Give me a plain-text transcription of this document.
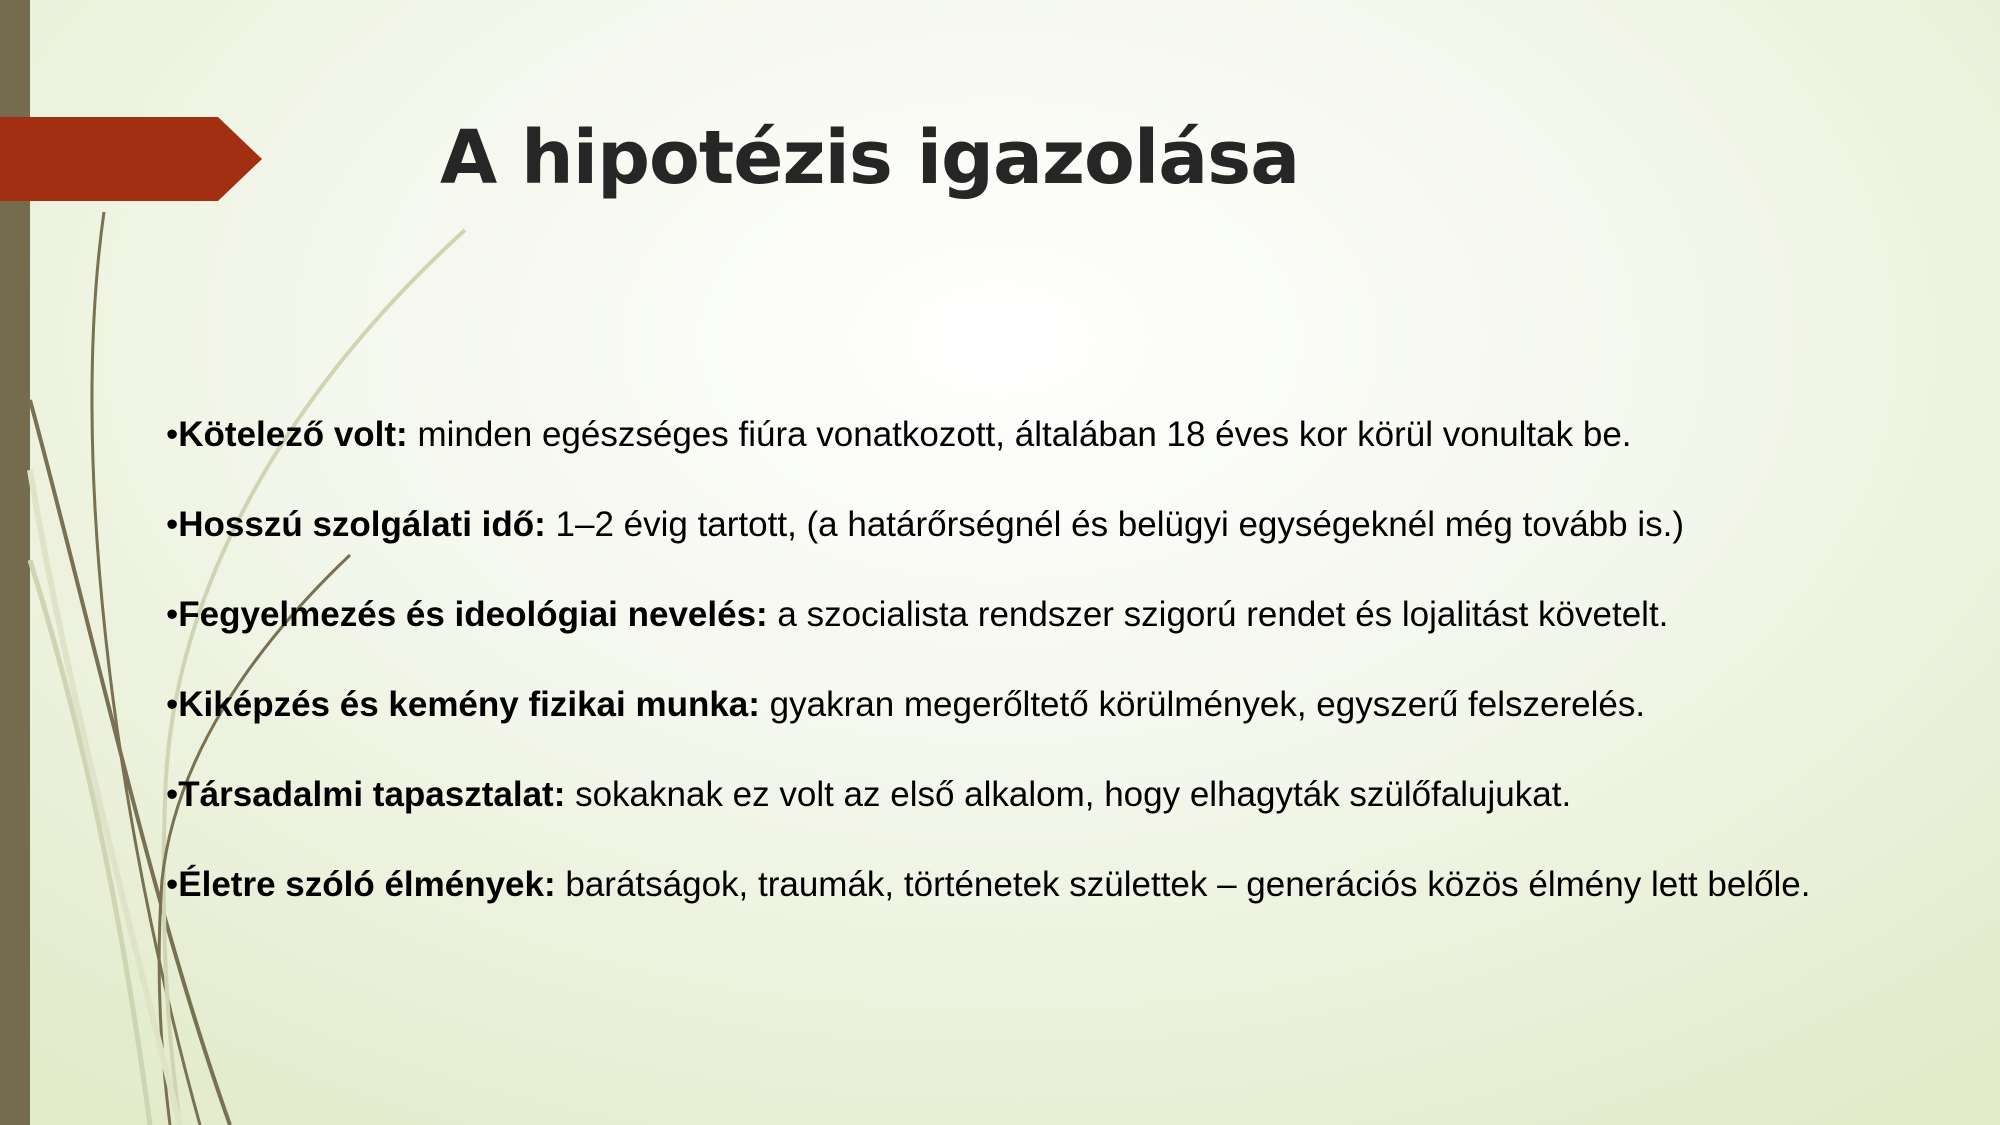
A hipotézis igazolása
•Kötelező volt: minden egészséges fiúra vonatkozott, általában 18 éves kor körül vonultak be.
•Hosszú szolgálati idő: 1–2 évig tartott, (a határőrségnél és belügyi egységeknél még tovább is.)
•Fegyelmezés és ideológiai nevelés: a szocialista rendszer szigorú rendet és lojalitást követelt.
•Kiképzés és kemény fizikai munka: gyakran megerőltető körülmények, egyszerű felszerelés.
•Társadalmi tapasztalat: sokaknak ez volt az első alkalom, hogy elhagyták szülőfalujukat.
•Életre szóló élmények: barátságok, traumák, történetek születtek – generációs közös élmény lett belőle.
